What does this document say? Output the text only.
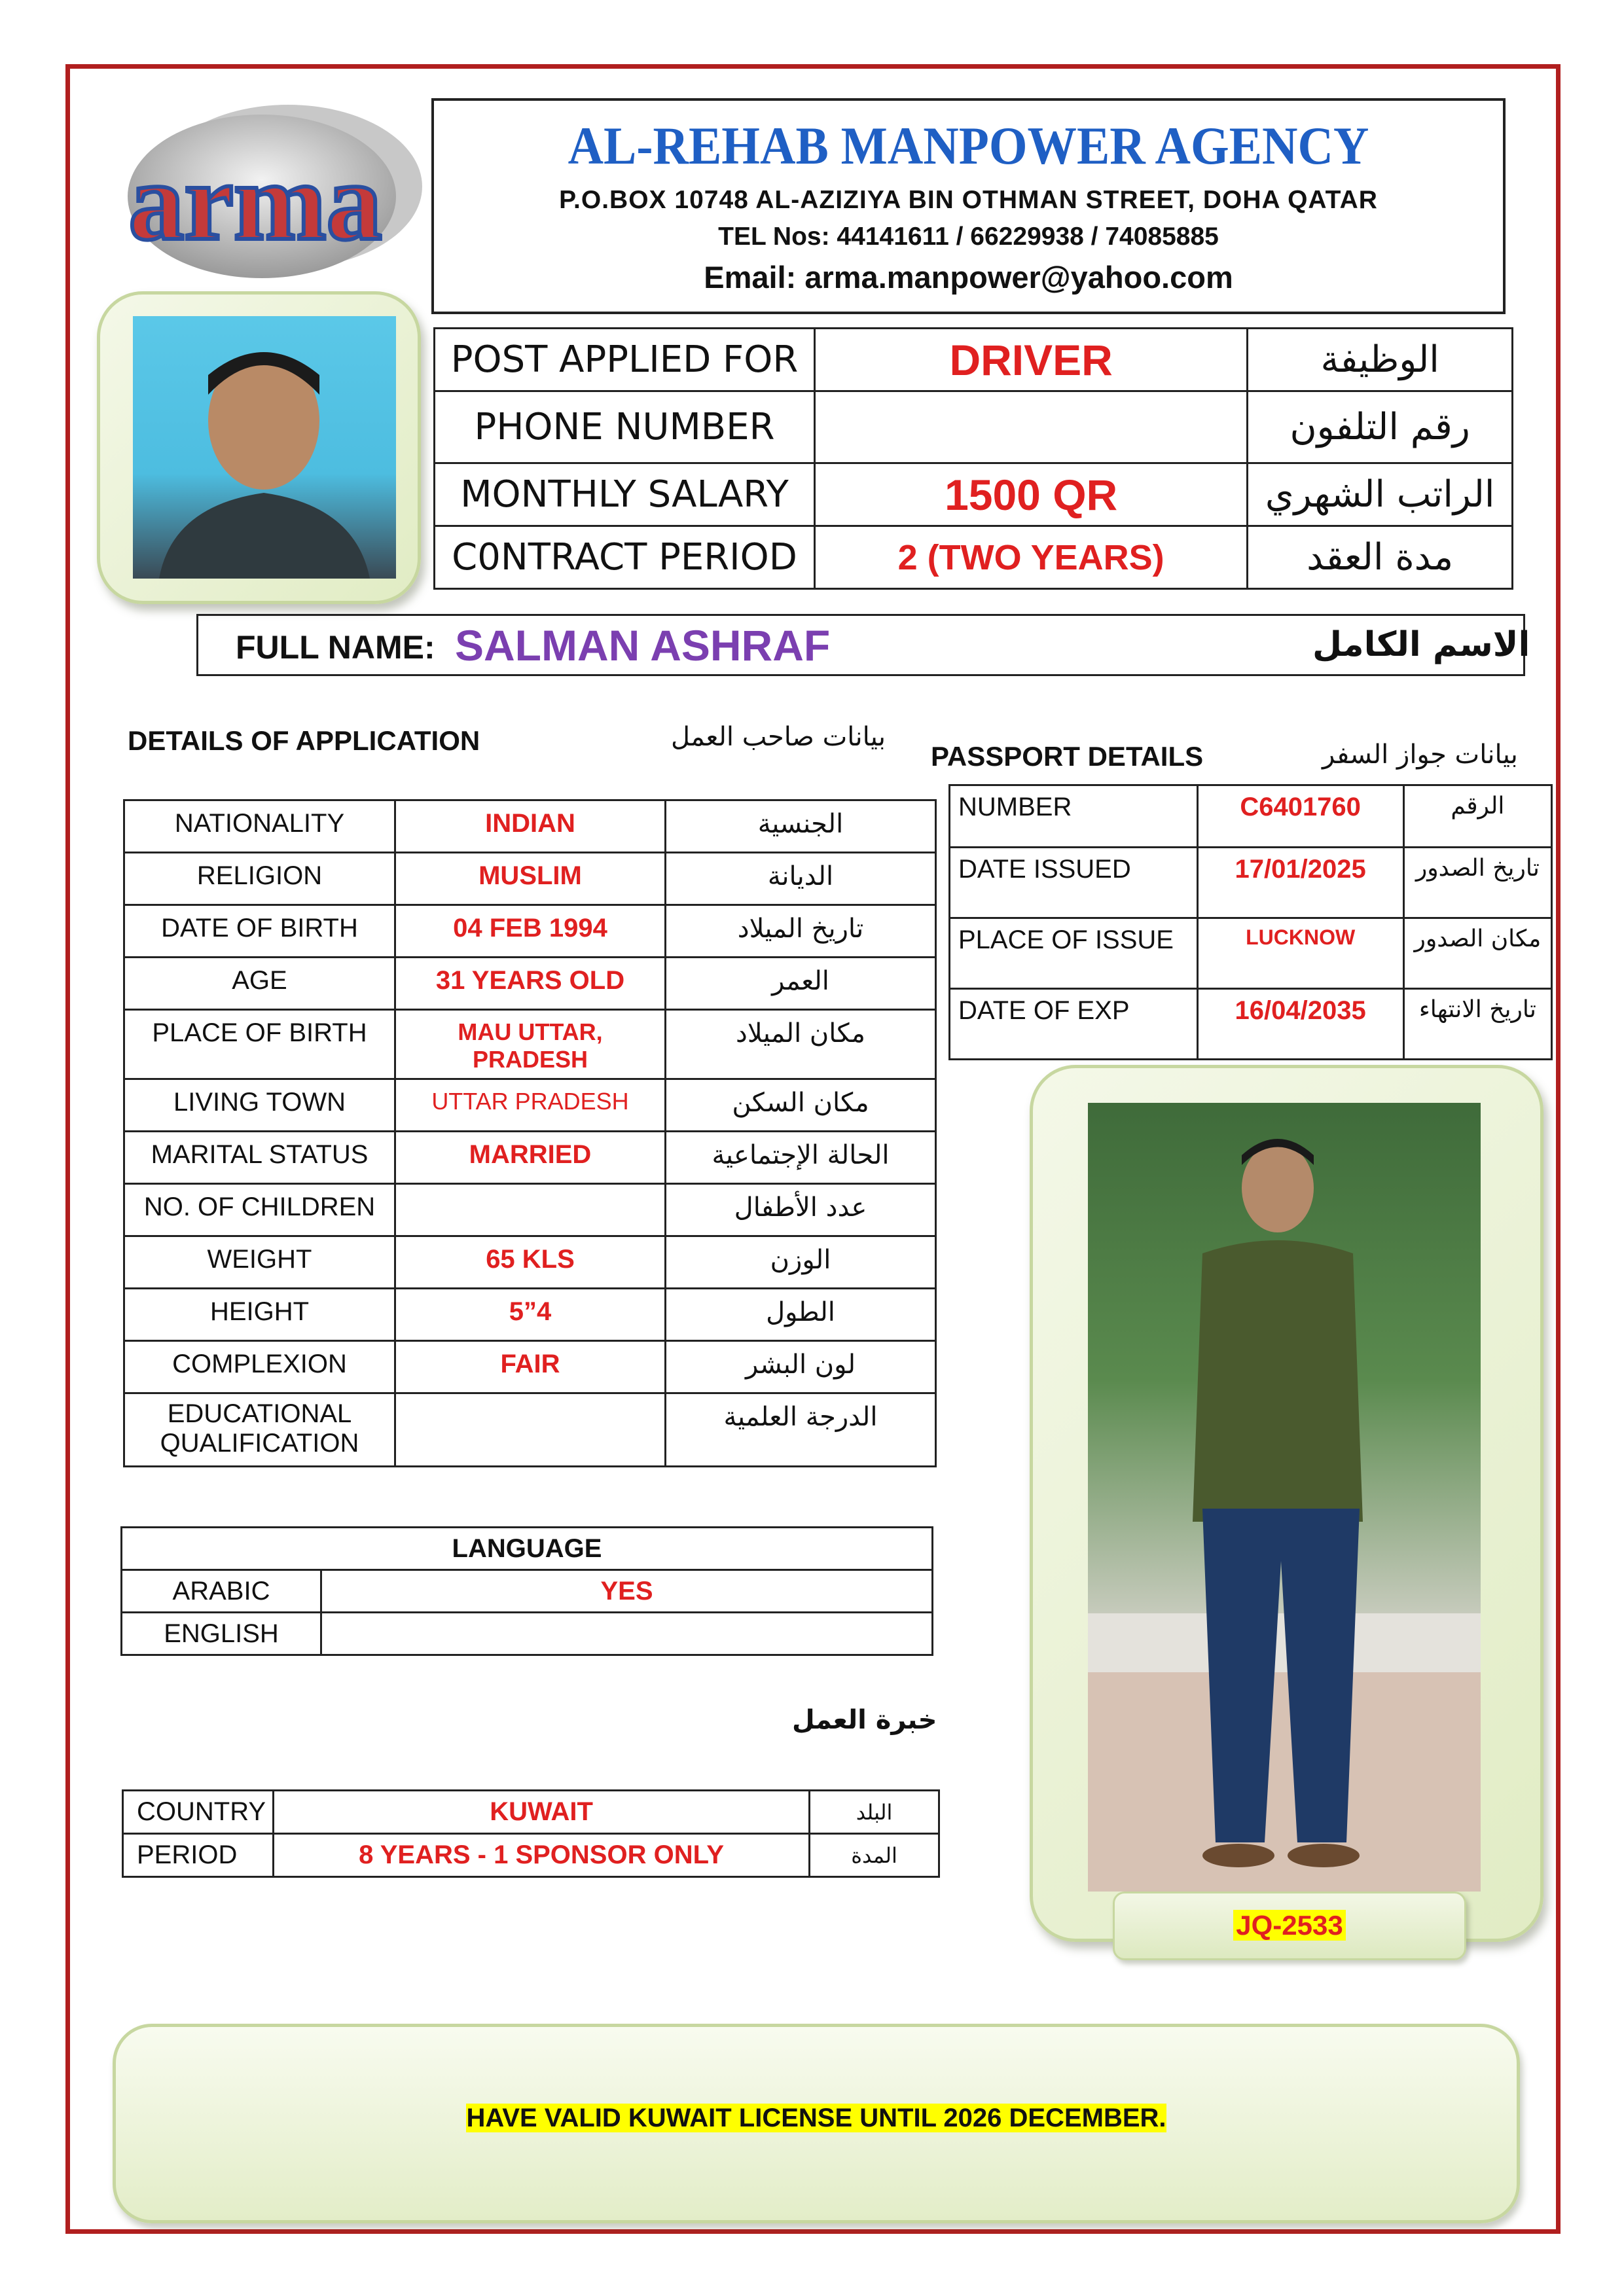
arma	AL-REHAB MANPOWER AGENCY
P.O.BOX 10748 AL-AZIZIYA BIN OTHMAN STREET, DOHA QATAR
TEL Nos: 44141611 / 66229938 / 74085885
Email: arma.manpower@yahoo.com
POST APPLIED FOR	DRIVER	الوظيفة
PHONE NUMBER		رقم التلفون
MONTHLY SALARY	1500 QR	الراتب الشهري
C0NTRACT PERIOD	2 (TWO YEARS)	مدة العقد
FULL NAME: SALMAN ASHRAF	الاسم الكامل
DETAILS OF APPLICATION	بيانات صاحب العمل
PASSPORT DETAILS	بيانات جواز السفر
NATIONALITY	INDIAN	الجنسية
RELIGION	MUSLIM	الديانة
DATE OF BIRTH	04 FEB 1994	تاريخ الميلاد
AGE	31 YEARS OLD	العمر
PLACE OF BIRTH	MAU UTTAR, PRADESH	مكان الميلاد
LIVING TOWN	UTTAR PRADESH	مكان السكن
MARITAL STATUS	MARRIED	الحالة الإجتماعية
NO. OF CHILDREN		عدد الأطفال
WEIGHT	65 KLS	الوزن
HEIGHT	5”4	الطول
COMPLEXION	FAIR	لون البشر
EDUCATIONAL QUALIFICATION		الدرجة العلمية
NUMBER	C6401760	الرقم
DATE ISSUED	17/01/2025	تاريخ الصدور
PLACE OF ISSUE	LUCKNOW	مكان الصدور
DATE OF EXP	16/04/2035	تاريخ الانتهاء
JQ-2533
LANGUAGE	
ARABIC	YES
ENGLISH	
خبرة العمل
COUNTRY	KUWAIT	البلد
PERIOD	8 YEARS - 1 SPONSOR ONLY	المدة
HAVE VALID KUWAIT LICENSE UNTIL 2026 DECEMBER.
